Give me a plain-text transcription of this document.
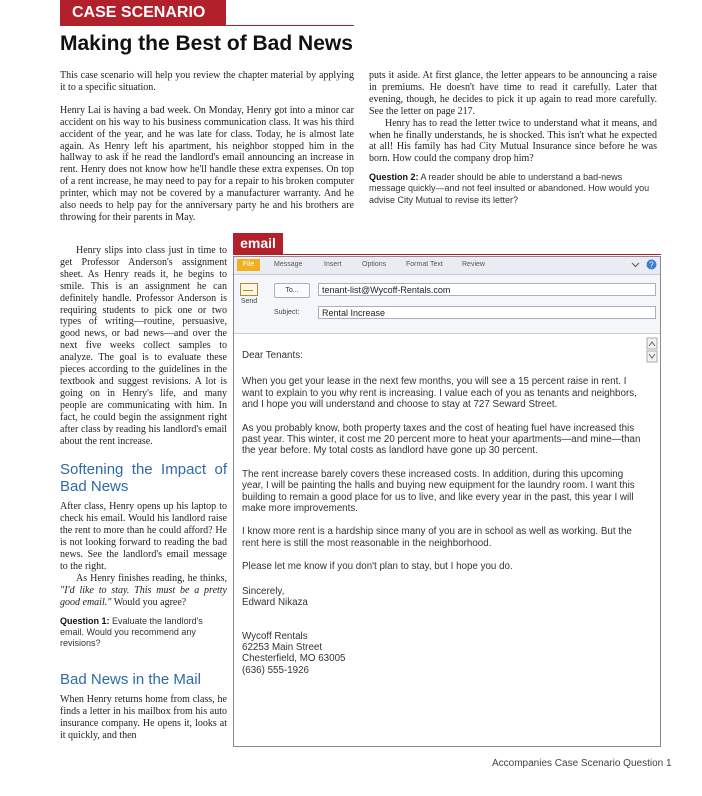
CASE SCENARIO
Making the Best of Bad News

This case scenario will help you review the chapter material by applying it to a specific situation.

Henry Lai is having a bad week. On Monday, Henry got into a minor car accident on his way to his business communication class. It was his third accident of the year, and he was late for class. Today, he is almost late again. As Henry left his apartment, his neighbor stopped him in the hallway to ask if he read the landlord's email announcing an increase in rent. Henry does not know how he'll handle these extra expenses. On top of a rent increase, he may need to pay for a repair to his broken computer printer, which may not be covered by a manufacturer warranty. And he also needs to help pay for the anniversary party he and his brothers are throwing for their parents in May.

Henry slips into class just in time to get Professor Anderson's assignment sheet. As Henry reads it, he begins to smile. This is an assignment he can definitely handle. Professor Anderson is requiring students to pick one or two types of writing—routine, persuasive, good news, or bad news—and over the next five weeks collect samples to analyze. The goal is to evaluate these pieces according to the guidelines in the textbook and suggest revisions. A lot is going on in Henry's life, and many people are communicating with him. In fact, he could begin the assignment right after class by reading his landlord's email about the rent increase.

Softening the Impact of Bad News

After class, Henry opens up his laptop to check his email. Would his landlord raise the rent to more than he could afford? He is not looking forward to reading the bad news. See the landlord's email message to the right.

As Henry finishes reading, he thinks, "I'd like to stay. This must be a pretty good email." Would you agree?

Question 1: Evaluate the landlord's email. Would you recommend any revisions?

Bad News in the Mail

When Henry returns home from class, he finds a letter in his mailbox from his auto insurance company. He opens it, looks at it quickly, and then

puts it aside. At first glance, the letter appears to be announcing a raise in premiums. He doesn't have time to read it carefully. Later that evening, though, he decides to pick it up again to read more carefully. See the letter on page 217.

Henry has to read the letter twice to understand what it means, and when he finally understands, he is shocked. This isn't what he expected at all! His family has had City Mutual Insurance since before he was born. How could the company drop him?

Question 2: A reader should be able to understand a bad-news message quickly—and not feel insulted or abandoned. How would you advise City Mutual to revise its letter?

email
File	Message	Insert	Options	Format Text	Review	?
Send
To...	tenant-list@Wycoff-Rentals.com
Subject:	Rental Increase

Dear Tenants:

When you get your lease in the next few months, you will see a 15 percent raise in rent. I want to explain to you why rent is increasing. I value each of you as tenants and neighbors, and I hope you will understand and choose to stay at 727 Seward Street.

As you probably know, both property taxes and the cost of heating fuel have increased this past year. This winter, it cost me 20 percent more to heat your apartments—and mine—than the year before. My total costs as landlord have gone up 30 percent.

The rent increase barely covers these increased costs. In addition, during this upcoming year, I will be painting the halls and buying new equipment for the laundry room. I want this building to remain a good place for us to live, and like every year in the past, this year I will make more improvements.

I know more rent is a hardship since many of you are in school as well as working. But the rent here is still the most reasonable in the neighborhood.

Please let me know if you don't plan to stay, but I hope you do.

Sincerely,

Edward Nikaza

Wycoff Rentals

62253 Main Street

Chesterfield, MO 63005

(636) 555-1926

Accompanies Case Scenario Question 1
